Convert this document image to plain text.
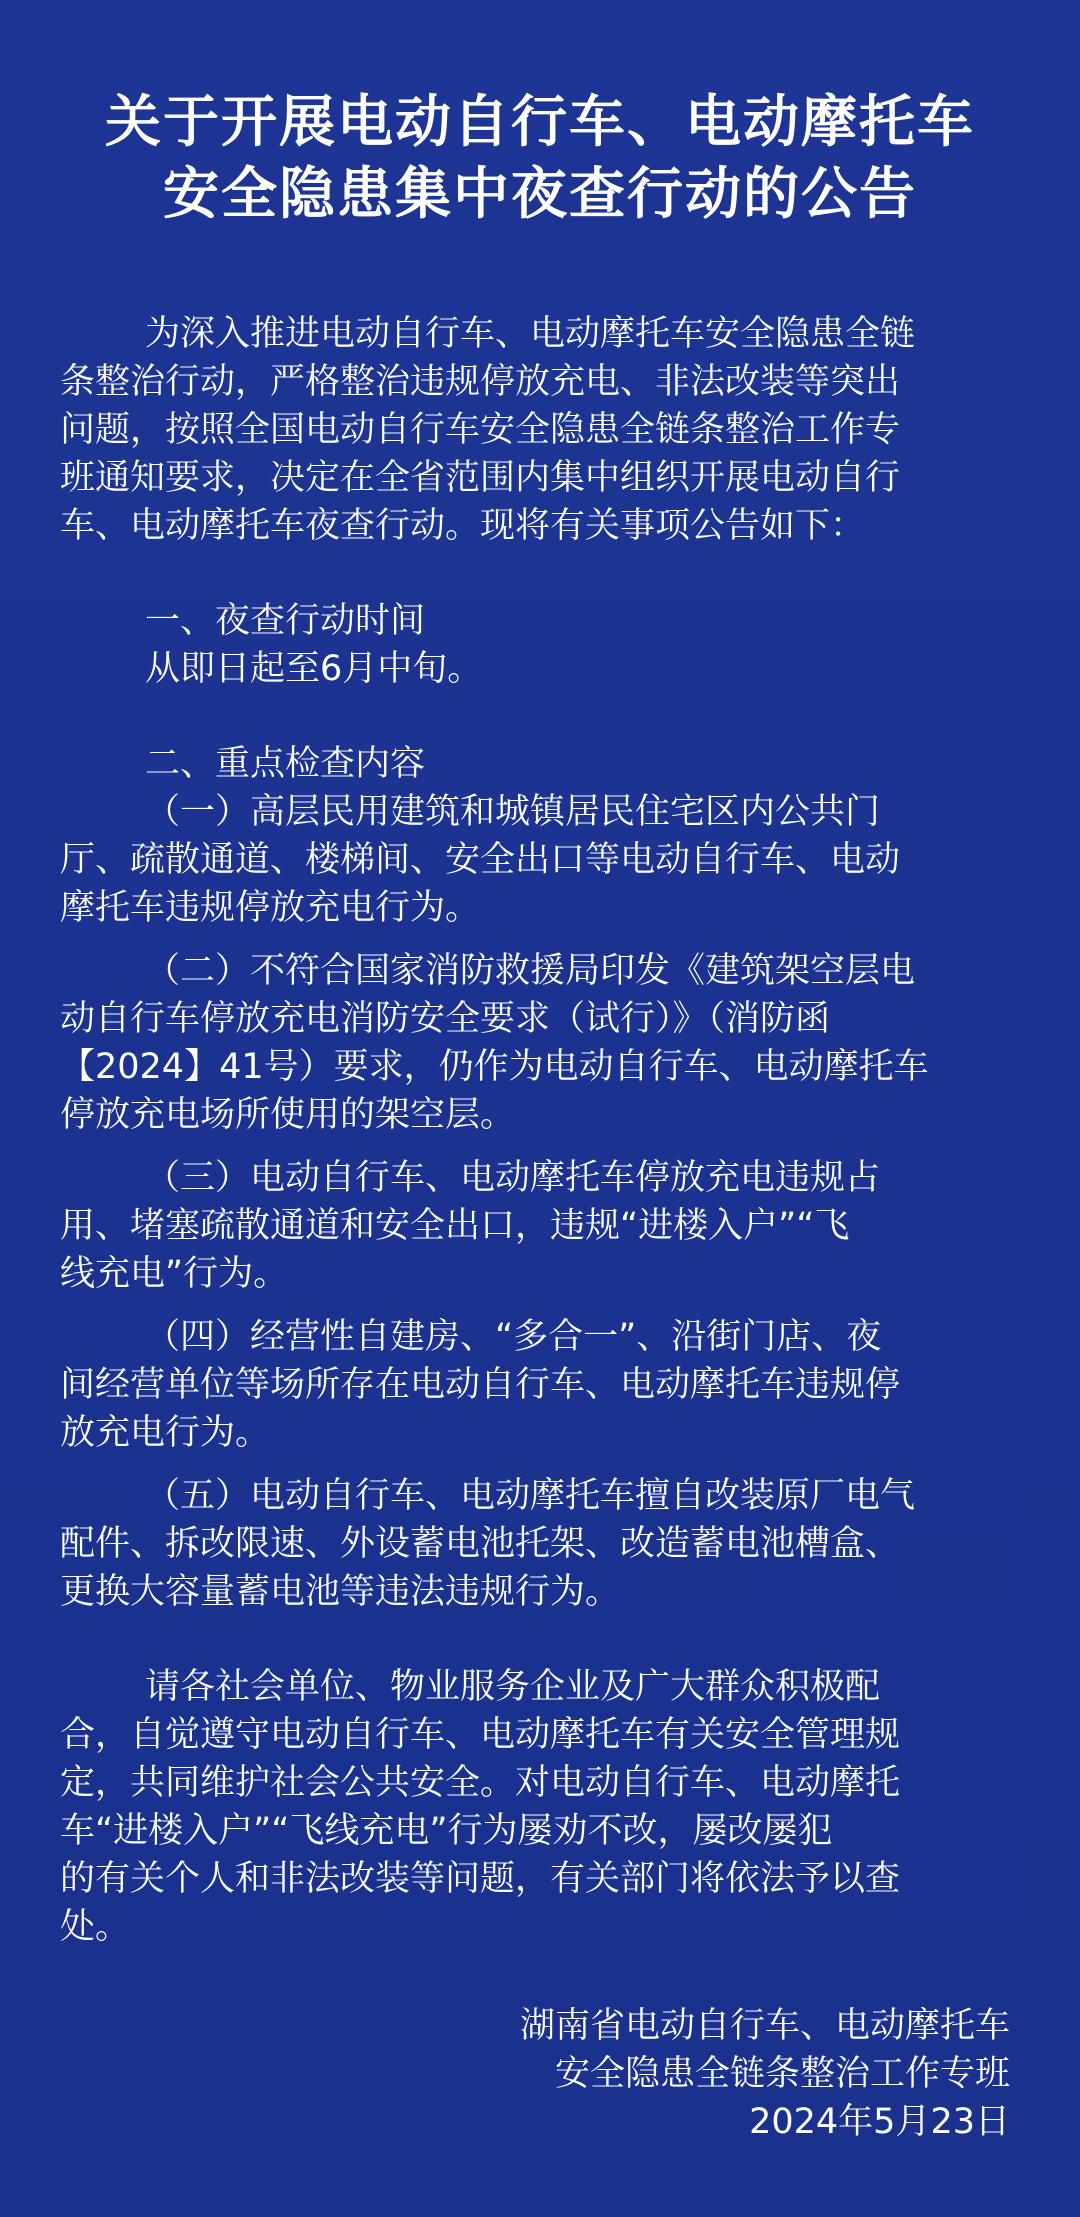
关于开展电动自行车、电动摩托车
安全隐患集中夜查行动的公告

为深入推进电动自行车、电动摩托车安全隐患全链

条整治行动，严格整治违规停放充电、非法改装等突出

问题，按照全国电动自行车安全隐患全链条整治工作专

班通知要求，决定在全省范围内集中组织开展电动自行

车、电动摩托车夜查行动。现将有关事项公告如下：

一、夜查行动时间

从即日起至6月中旬。

二、重点检查内容

（一）高层民用建筑和城镇居民住宅区内公共门

厅、疏散通道、楼梯间、安全出口等电动自行车、电动

摩托车违规停放充电行为。

（二）不符合国家消防救援局印发《建筑架空层电

动自行车停放充电消防安全要求（试行）》（消防函

【2024】41号）要求，仍作为电动自行车、电动摩托车

停放充电场所使用的架空层。

（三）电动自行车、电动摩托车停放充电违规占

用、堵塞疏散通道和安全出口，违规“进楼入户”“飞

线充电”行为。

（四）经营性自建房、“多合一”、沿街门店、夜

间经营单位等场所存在电动自行车、电动摩托车违规停

放充电行为。

（五）电动自行车、电动摩托车擅自改装原厂电气

配件、拆改限速、外设蓄电池托架、改造蓄电池槽盒、

更换大容量蓄电池等违法违规行为。

请各社会单位、物业服务企业及广大群众积极配

合，自觉遵守电动自行车、电动摩托车有关安全管理规

定，共同维护社会公共安全。对电动自行车、电动摩托

车“进楼入户”“飞线充电”行为屡劝不改，屡改屡犯

的有关个人和非法改装等问题，有关部门将依法予以查

处。

湖南省电动自行车、电动摩托车

安全隐患全链条整治工作专班

2024年5月23日
